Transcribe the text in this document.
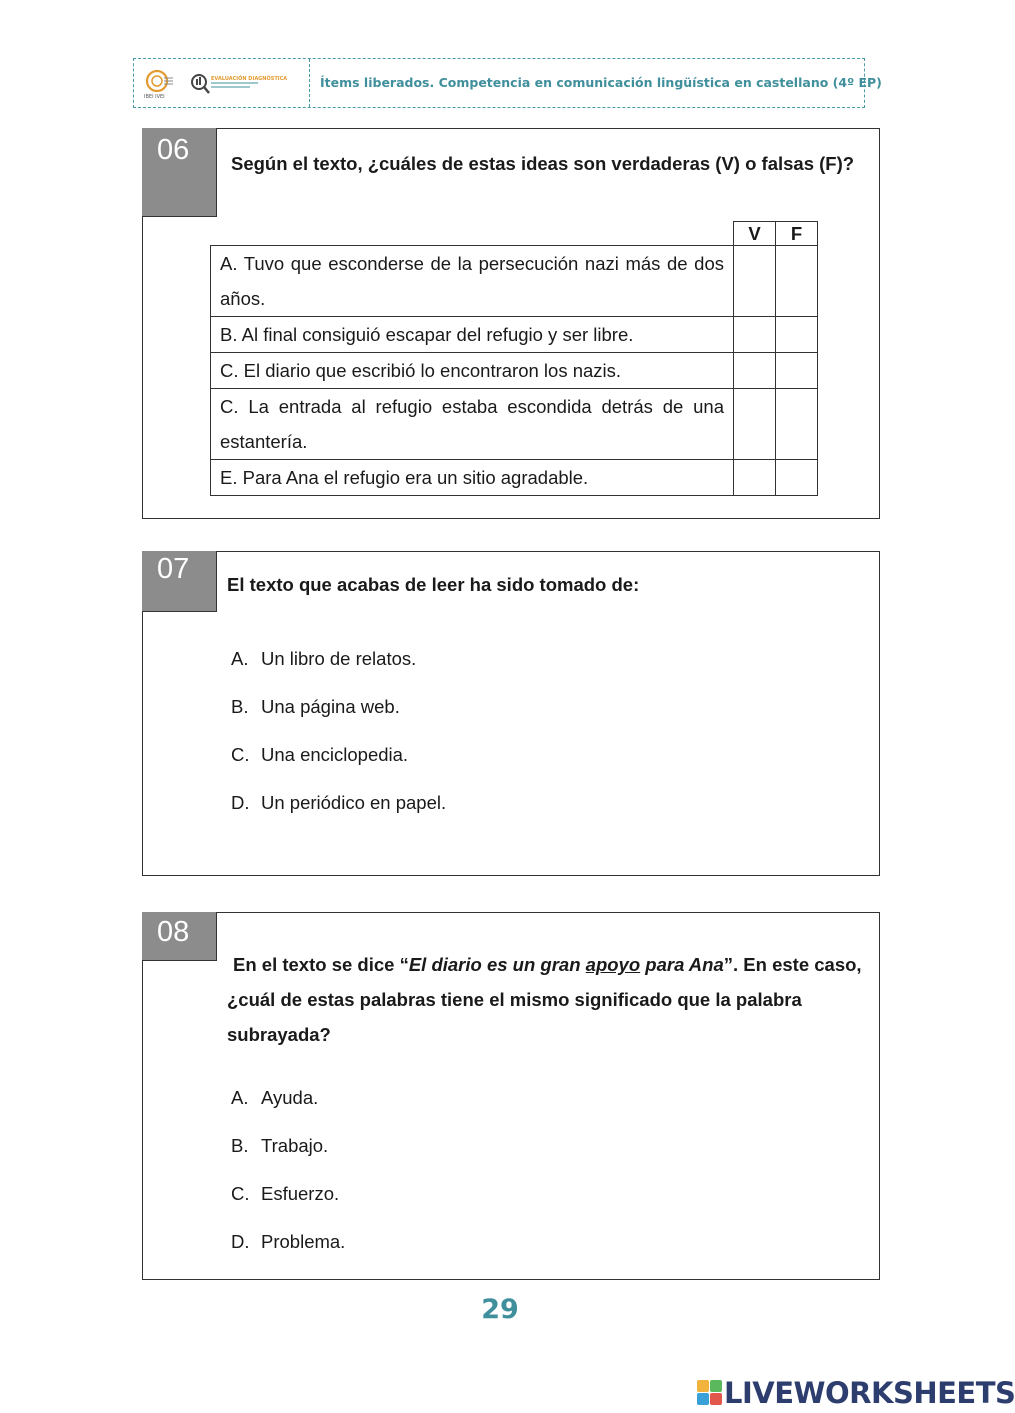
IBEI IVEI
EVALUACIÓN DIAGNÓSTICA	Ítems liberados. Competencia en comunicación lingüística en castellano (4º EP)
06	Según el texto, ¿cuáles de estas ideas son verdaderas (V) o falsas (F)?
	V	F
A. Tuvo que esconderse de la persecución nazi más de dos años.		
B. Al final consiguió escapar del refugio y ser libre.		
C. El diario que escribió lo encontraron los nazis.		
C. La entrada al refugio estaba escondida detrás de una estantería.		
E. Para Ana el refugio era un sitio agradable.		
07	El texto que acabas de leer ha sido tomado de:
A. Un libro de relatos.
B. Una página web.
C. Una enciclopedia.
D. Un periódico en papel.
08
En el texto se dice “El diario es un gran apoyo para Ana”. En este caso, ¿cuál de estas palabras tiene el mismo significado que la palabra subrayada?
A. Ayuda.
B. Trabajo.
C. Esfuerzo.
D. Problema.
29
LIVEWORKSHEETS
